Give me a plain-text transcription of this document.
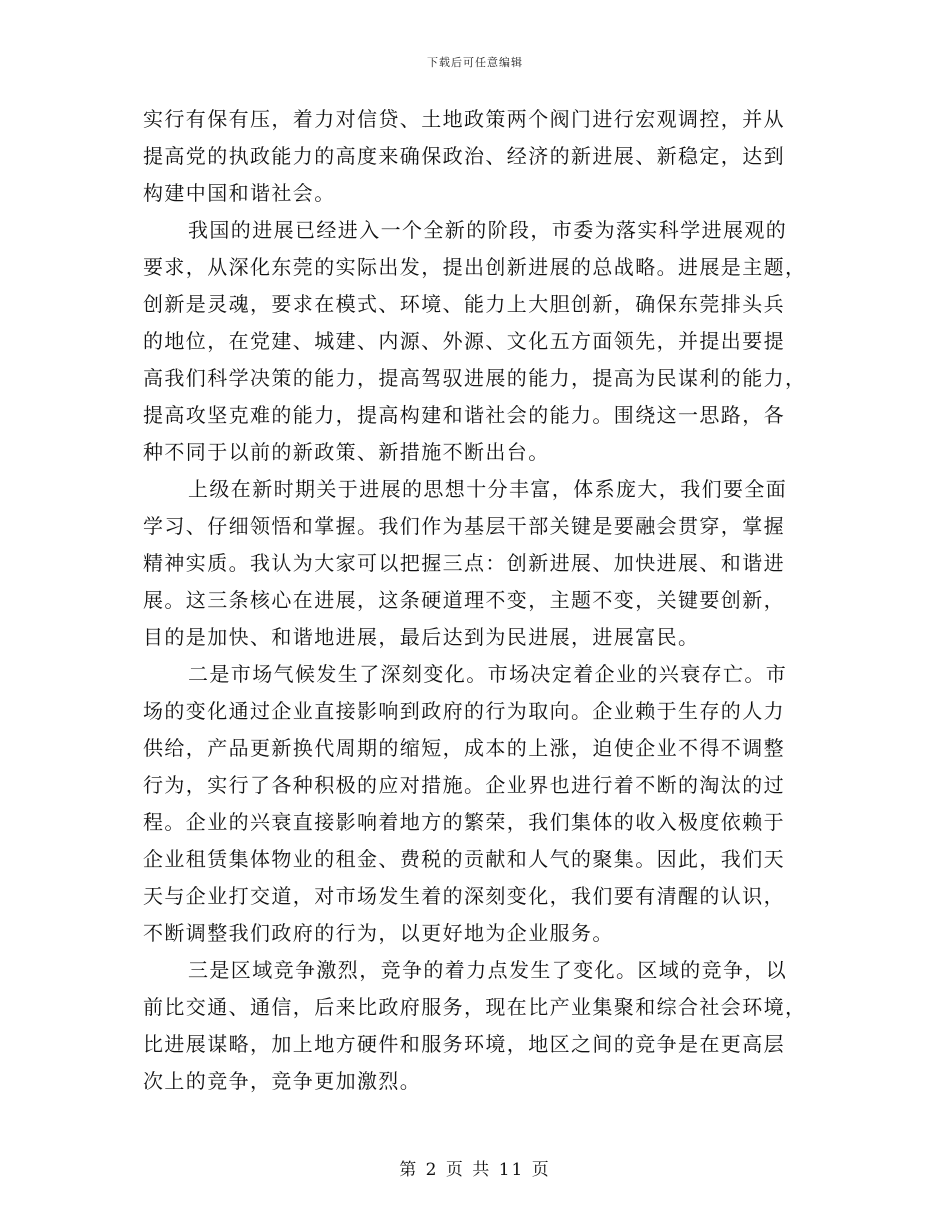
下载后可任意编辑
实行有保有压，着力对信贷、土地政策两个阀门进行宏观调控，并从
提高党的执政能力的高度来确保政治、经济的新进展、新稳定，达到
构建中国和谐社会。
我国的进展已经进入一个全新的阶段，市委为落实科学进展观的
要求，从深化东莞的实际出发，提出创新进展的总战略。进展是主题，
创新是灵魂，要求在模式、环境、能力上大胆创新，确保东莞排头兵
的地位，在党建、城建、内源、外源、文化五方面领先，并提出要提
高我们科学决策的能力，提高驾驭进展的能力，提高为民谋利的能力，
提高攻坚克难的能力，提高构建和谐社会的能力。围绕这一思路，各
种不同于以前的新政策、新措施不断出台。
上级在新时期关于进展的思想十分丰富，体系庞大，我们要全面
学习、仔细领悟和掌握。我们作为基层干部关键是要融会贯穿，掌握
精神实质。我认为大家可以把握三点：创新进展、加快进展、和谐进
展。这三条核心在进展，这条硬道理不变，主题不变，关键要创新，
目的是加快、和谐地进展，最后达到为民进展，进展富民。
二是市场气候发生了深刻变化。市场决定着企业的兴衰存亡。市
场的变化通过企业直接影响到政府的行为取向。企业赖于生存的人力
供给，产品更新换代周期的缩短，成本的上涨，迫使企业不得不调整
行为，实行了各种积极的应对措施。企业界也进行着不断的淘汰的过
程。企业的兴衰直接影响着地方的繁荣，我们集体的收入极度依赖于
企业租赁集体物业的租金、费税的贡献和人气的聚集。因此，我们天
天与企业打交道，对市场发生着的深刻变化，我们要有清醒的认识，
不断调整我们政府的行为，以更好地为企业服务。
三是区域竞争激烈，竞争的着力点发生了变化。区域的竞争，以
前比交通、通信，后来比政府服务，现在比产业集聚和综合社会环境，
比进展谋略，加上地方硬件和服务环境，地区之间的竞争是在更高层
次上的竞争，竞争更加激烈。
第 2 页 共 11 页
